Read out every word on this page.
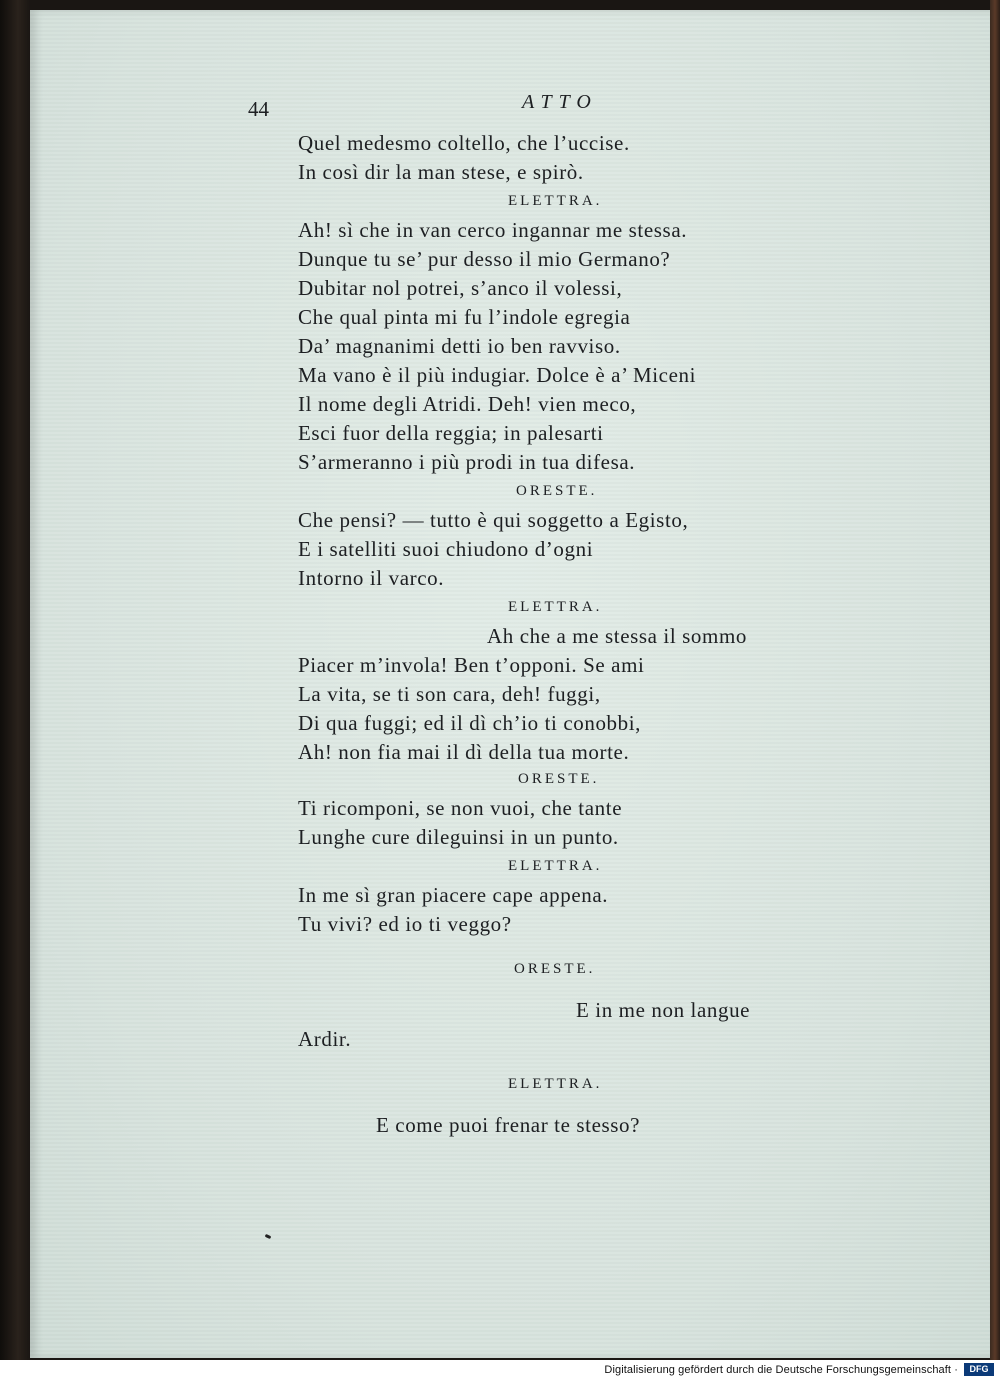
44	ATTO
Quel medesmo coltello, che l’uccise.
In così dir la man stese, e spirò.
ELETTRA.
Ah! sì che in van cerco ingannar me stessa.
Dunque tu se’ pur desso il mio Germano?
Dubitar nol potrei, s’anco il volessi,
Che qual pinta mi fu l’indole egregia
Da’ magnanimi detti io ben ravviso.
Ma vano è il più indugiar. Dolce è a’ Miceni
Il nome degli Atridi. Deh! vien meco,
Esci fuor della reggia; in palesarti
S’armeranno i più prodi in tua difesa.
ORESTE.
Che pensi? — tutto è qui soggetto a Egisto,
E i satelliti suoi chiudono d’ogni
Intorno il varco.
ELETTRA.
Ah che a me stessa il sommo
Piacer m’invola! Ben t’opponi. Se ami
La vita, se ti son cara, deh! fuggi,
Di qua fuggi; ed il dì ch’io ti conobbi,
Ah! non fia mai il dì della tua morte.
ORESTE.
Ti ricomponi, se non vuoi, che tante
Lunghe cure dileguinsi in un punto.
ELETTRA.
In me sì gran piacere cape appena.
Tu vivi? ed io ti veggo?
ORESTE.
E in me non langue
Ardir.
ELETTRA.
E come puoi frenar te stesso?
Digitalisierung gefördert durch die Deutsche Forschungsgemeinschaft ·	DFG
